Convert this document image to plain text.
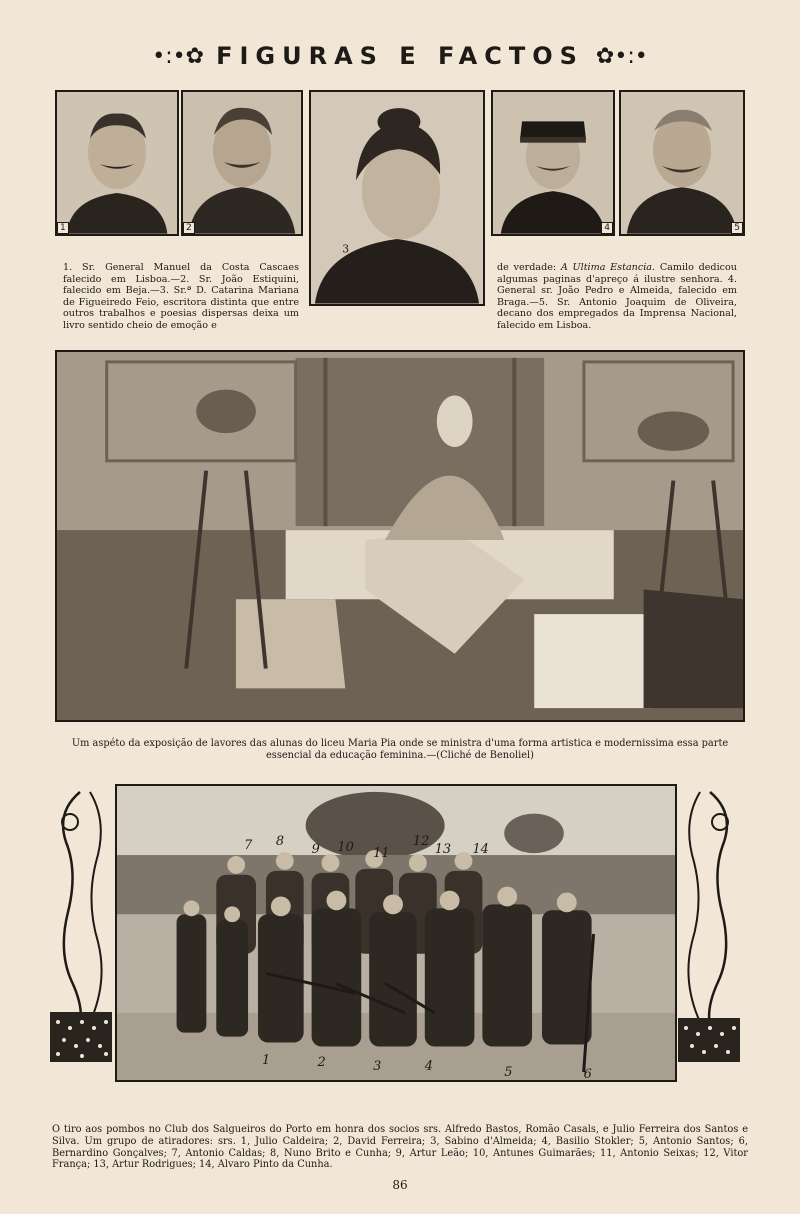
•:•✿ FIGURAS E FACTOS ✿•:•
1	2
3
4	5
1. Sr. General Manuel da Costa Cascaes falecido em Lisboa.—2. Sr. João Estiquini, falecido em Beja.—3. Sr.ª D. Catarina Mariana de Figueiredo Feio, escritora distinta que entre outros trabalhos e poesias dispersas deixa um livro sentido cheio de emoção e
de verdade: A Ultima Estancia. Camilo dedicou algumas paginas d'apreço á ilustre senhora. 4. General sr. João Pedro e Almeida, falecido em Braga.—5. Sr. Antonio Joaquim de Oliveira, decano dos empregados da Imprensa Nacional, falecido em Lisboa.
Um aspéto da exposição de lavores das alunas do liceu Maria Pia onde se ministra d'uma forma artistica e modernissima essa parte essencial da educação feminina.—(Cliché de Benoliel)
7 8
9 10 11
12
13 14
1	2	3	4	5	6
O tiro aos pombos no Club dos Salgueiros do Porto em honra dos socios srs. Alfredo Bastos, Romão Casals, e Julio Ferreira dos Santos e Silva. Um grupo de atiradores: srs. 1, Julio Caldeira; 2, David Ferreira; 3, Sabino d'Almeida; 4, Basilio Stokler; 5, Antonio Santos; 6, Bernardino Gonçalves; 7, Antonio Caldas; 8, Nuno Brito e Cunha; 9, Artur Leão; 10, Antunes Guimarães; 11, Antonio Seixas; 12, Vitor França; 13, Artur Rodrigues; 14, Alvaro Pinto da Cunha.
86
